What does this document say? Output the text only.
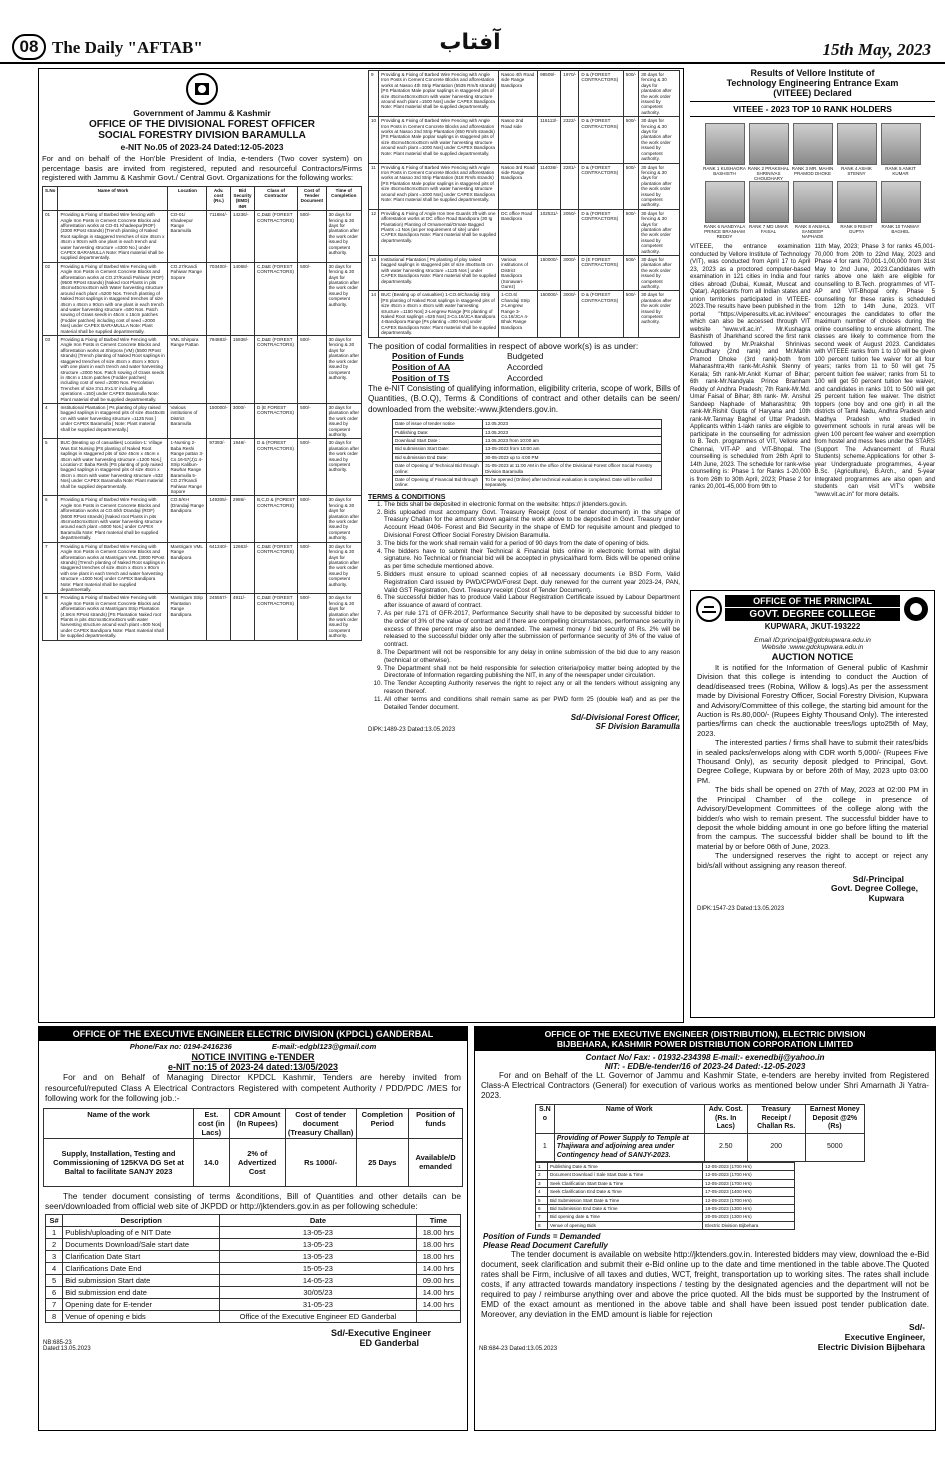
08 The Daily "AFTAB"	آفتاب	15th May, 2023
Government of Jammu & Kashmir
OFFICE OF THE DIVISIONAL FOREST OFFICER
SOCIAL FORESTRY DIVISION BARAMULLA
e-NIT No.05 of 2023-24 Dated:12-05-2023

For and on behalf of the Hon'ble President of India, e-tenders (Two cover system) on percentage basis are invited from registered, reputed and resourceful Contractors/Firms registered with Jammu & Kashmir Govt./ Central Govt. Organizations for the following works:

S.No	Name of Work	Location	Adv. cost (Rs.)	Bid Security (EMD) INR	Class of Contractor	Cost of Tender Document	Time of Completion
01	Providing & Fixing of Barbed Wire fencing with Angle Iron Posts in Cement Concrete Blocks and afforestation works at CO-01 Khadeepur(ROF) (3300 RPost strands) [Trench planting of Naked Root saplings in staggered trenches of size 45cm x 45cm x 90cm with one plant in each trench and water harvesting structure =4300 No.] under CAPEX BARAMULLA Note: Plant material shall be supplied departmentally.	CO-01/ Khadeepur Range Baramulla	711684/-	14236/-	C,D&E (FOREST CONTRACTORS)	500/-	30 days for fencing & 30 days for plantation after the work order issued by competent authority.
02	Providing & Fixing of Barbed Wire Fencing with Angle Iron Posts in Cement Concrete Blocks and afforestation works at CO.27/Kandi Pahiwar (ROF) (9500 RPost strands) [Naked root Plants in pits 45cmx45cmx45cm with Water harvesting structure around each plant =5200 Nos. Trench planting of Naked Root saplings in staggered trenches of size 45cm x 45cm x 90cm with one plant in each trench and water harvesting structure =500 Nos. Patch sowing of Grass seeds in 45cm x 15cm patches (Fodder patches) including cost of seed =2000 Nos] under CAPEX BARAMULLA Note: Plant material shall be supplied departmentally.	CO.27/Kandi Pahiwar Range Sopore	703400/-	14068/-	C,D&E (FOREST CONTRACTORS)	500/-	30 days for fencing & 30 days for plantation after the work order issued by competent authority.
03	Providing & Fixing of Barbed Wire Fencing with Angle Iron Posts in Cement Concrete Blocks and afforestation works at Shirpora (VM) (5500 RPost strands) [Trench planting of Naked Root saplings in staggered trenches of size 45cm x 45cm x 90cm with one plant in each trench and water harvesting structure =2000 Nos. Patch sowing of Grass seeds in 45cm x 15cm patches (Fodder patches) including cost of seed =2000 Nos. Percolation Trenches of size 3'x1.5'x1.5' including all operations =150] under CAPEX Baramulla Note: Plant material shall be supplied departmentally.	VML Shirpora Range Pattan	794883/-	15938/-	C,D&E (FOREST CONTRACTORS)	500/-	30 days for fencing & 30 days for plantation after the work order issued by competent authority.
4	Institutional Plantation [ Ps planting of ploy raised bagged saplings in staggered pits of size 45x45x45 cm with water harvesting structure =1125 Nos ] under CAPEX Baramulla [ Note: Plant material shall be supplied departmentally.]	Various institutions of District Baramulla	150000/-	3000/-	D (E FOREST CONTRACTORS)	500/-	30 days for plantation after the work order issued by competent authority.
5	BUC (Beating up of casualties) Location-1: Village Wus Ext Nursing [PS planting of Naked Root saplings in staggered pits of size 45cm x 45cm x 45cm with water harvesting structure =1200 Nos.] Location-2: Baba Reshi [PS planting of poly raised bagged saplings in staggered pits of size 45cm x 45cm x 45cm with water harvesting structure =532 Nos] under CAPEX Baramulla Note: Plant material shall be supplied departmentally.	1-Nursing 2-Baba Reshi Range pattan 3-Co.16-57(J)1 4-Strip Kalibun-Rawhar Range Baramulla 5-CO.27/Kandi Pahiwar Range Sopore	97393/-	1948/-	D & (FOREST CONTRACTORS)	500/-	30 days for plantation after the work order issued by competent authority.
6	Providing & Fixing of Barbed Wire Fencing with Angle Iron Posts in Cement Concrete Blocks and afforestation works at CO.6/kh Drandaji (ROF) (5600 RPost strands) [Naked root Plants in pits 45cmx45cmx45cm with water harvesting structure around each plant =5000 Nos.] under CAPEX Baramulla Note: Plant material shall be supplied departmentally.	CO.6/KH (Drandaji Range Bandipora	149305/-	2986/-	B,C,D & (FOREST CONTRACTORS)	500/-	30 days for fencing & 30 days for plantation after the work order issued by competent authority.
7	Providing & Fixing of Barbed Wire Fencing with Angle Iron Posts in Cement Concrete Blocks and afforestation works at Mantrigam VML (3000 RPost strands) [Trench planting of Naked Root saplings in staggered trenches of size 45cm x 45cm x 90cm with one plant in each trench and water harvesting structure =1000 Nos] under CAPEX Bandipora Note: Plant material shall be supplied departmentally.	Mantrigam VML Range Bandipora	641340/-	12663/-	C,D&E (FOREST CONTRACTORS)	500/-	30 days for fencing & 30 days for plantation after the work order issued by competent authority.
8	Providing & Fixing of Barbed Wire Fencing with Angle Iron Posts in Cement Concrete Blocks and afforestation works at Mantrigam Strip Plantation (4.5Km RPost strands) [PS Plantation Naked root Plants in pits 45cmx45cmx45cm with water harvesting structure around each plant =500 Nos] under CAPEX Bandipora Note: Plant material shall be supplied departmentally.	Mantrigam Strip Plantation Range Bandipora	245567/-	4911/-	C,D&E (FOREST CONTRACTORS)	500/-	30 days for fencing & 30 days for plantation after the work order issued by competent authority.
9	Providing & Fixing of Barbed Wire Fencing with Angle Iron Posts in Cement Concrete Blocks and afforestation works at Nasoo 4th Strip Plantation (5535 Rm/5 strands) [PS Plantation Male poplar saplings in staggered pits of size 45cmx45cmx45cm with water harvesting structure around each plant =1500 Nos] under CAPEX Bandipora Note: Plant material shall be supplied departmentally.	Nasoo 4th Road side Range Bandipora	98509/-	1970/-	D & (FOREST CONTRACTORS)	500/-	30 days for fencing & 30 days for plantation after the work order issued by competent authority.
10	Providing & Fixing of Barbed Wire Fencing with Angle Iron Posts in Cement Concrete Blocks and afforestation works at Nasoo 2nd Strip Plantation (650 Rm/5 strands) [PS Plantation Male poplar saplings in staggered pits of size 45cmx45cmx45cm with water harvesting structure around each plant =1000 Nos] under CAPEX Bandipora Note: Plant material shall be supplied departmentally.	Nasoo 2nd Road side	116113/-	2322/-	D & (FOREST CONTRACTORS)	500/-	30 days for fencing & 30 days for plantation after the work order issued by competent authority.
11	Providing & Fixing of Barbed Wire Fencing with Angle Iron Posts in Cement Concrete Blocks and afforestation works at Nasoo 3rd Strip Plantation (618 Rm/5 strands) [PS Plantation Male poplar saplings in staggered pits of size 45cmx45cmx45cm with water harvesting structure around each plant =1000 Nos] under CAPEX Bandipora Note: Plant material shall be supplied departmentally.	Nasoo 3rd Road side Range Bandipora	114036/-	2281/-	D & (FOREST CONTRACTORS)	500/-	30 days for fencing & 30 days for plantation after the work order issued by competent authority.
12	Providing & Fixing of Angle Iron tree Guards 3ft with one afforestation works at DC office Road Bandipora (30 Ig Plantation) Planting of Ornamental/Ornate Bagged Plants =1 Nos (as per requirement of site) under CAPEX Bandipora Note: Plant material shall be supplied departmentally.	DC office Road Bandipora	102531/-	2050/-	D & (FOREST CONTRACTORS)	500/-	30 days for fencing & 30 days for plantation after the work order issued by competent authority.
13	Institutional Plantation [ Ps planting of ploy raised bagged saplings in staggered pits of size 45x45x45 cm with water harvesting structure =1125 Nos ] under CAPEX Bandipora Note: Plant material shall be supplied departmentally.	Various institutions of District Bandipora (Sonawari-Gurez)	150000/-	3000/-	D (E FOREST CONTRACTORS)	500/-	30 days for plantation after the work order issued by competent authority.
14	BUC (Beating up of casualties) 1-CO.6/Chandaji Strip [PS planting of Naked Root saplings in staggered pits of size 45cm x 45cm x 45cm with water harvesting structure =1150 Nos] 2-Lengrew Range [PS planting of Naked Root saplings =525 Nos] 3-Co.16/JCA Bandipora 4-Bandipora Range [Ps planting =300 Nos] under CAPEX Bandipora Note: Plant material shall be supplied departmentally.	1-CO.6/ Chandaji Strip 2-Lengrew Range 3-Co.16/JCA 4-Bhuk Range Bandipora	150000/-	3000/-	D & (FOREST CONTRACTORS)	500/-	30 days for plantation after the work order issued by competent authority.

The position of codal formalities in respect of above work(s) is as under:

Position of Funds	Budgeted
Position of AA	Accorded
Position of TS	Accorded

The e-NIT Consisting of qualifying information, eligibility criteria, scope of work, Bills of Quantities, (B.O.Q), Terms & Conditions of contract and other details can be seen/ downloaded from the website:-www.jktenders.gov.in.

Date of issue of tender notice	12.05.2023
Publishing Date:	13.05.2023
Download Start Date :	13.05.2023 from 10:00 am
Bid submission Start Date:	13-05-2023 from 10:00 am
Bid submission End Date:	30-05-2023 up to 4:00 PM
Date of Opening of Technical Bid through online:	31-05-2023 at 11:00 AM in the office of the Divisional Forest officer Social Forestry Division Baramulla
Date of Opening of Financial Bid through online:	To be opened (Online) after technical evaluation is completed. Date will be notified separately.
TERMS & CONDITIONS
1. The bids shall be deposited in electronic format on the website: https:// jktenders.gov.in.
2. Bids uploaded must accompany Govt. Treasury Receipt (cost of tender document) in the shape of Treasury Challan for the amount shown against the work above to be deposited in Govt. Treasury under Account Head 0406- Forest and Bid Security in the shape of EMD for requisite amount and pledged to Divisional Forest Officer Social Forestry Division Baramulla.
3. The bids for the work shall remain valid for a period of 90 days from the date of opening of bids.
4. The bidders have to submit their Technical & Financial bids online in electronic format with digital signature. No Technical or financial bid will be accepted in physical/hard form. Bids will be opened online as per time schedule mentioned above.
5. Bidders must ensure to upload scanned copies of all necessary documents i.e BSD Form, Valid Registration Card issued by PWD/CPWD/Forest Dept. duly renewed for the current year 2023-24, PAN, Valid GST Registration, Govt. Treasury receipt (Cost of Tender Document).
6. The successful bidder has to produce Valid Labour Registration Certificate issued by Labour Department after issuance of award of contract.
7. As per rule 171 of GFR-2017, Performance Security shall have to be deposited by successful bidder to the order of 3% of the value of contract and if there are compelling circumstances, performance security in excess of three percent may also be demanded. The earnest money / bid security of Rs. 2% will be released to the successful bidder only after the submission of performance security of 3% of the value of contract.
8. The Department will not be responsible for any delay in online submission of the bid due to any reason (technical or otherwise).
9. The Department shall not be held responsible for selection criteria/policy matter being adopted by the Directorate of Information regarding publishing the NIT, in any of the newspaper under circulation.
10. The Tender Accepting Authority reserves the right to reject any or all the tenders without assigning any reason thereof.
11. All other terms and conditions shall remain same as per PWD form 25 (double leaf) and as per the Detailed Tender document.
Sd/-Divisional Forest Officer,
SF Division Baramulla
DIPK:1489-23 Dated:13.05.2023
Results of Vellore Institute of
Technology Engineering Entrance Exam
(VITEEE) Declared
VITEEE - 2023 TOP 10 RANK HOLDERS
RANK 1 KUSHAGRA BASHISTH
RANK 2 PRAKSHAL SHRINIVAS CHOUDHARY
RANK 3 MR. MAHIN PRAMOD DHOKE
RANK 4 ASHIK STENNY
RANK 5 ANKIT KUMAR

RANK 6 NANDYALA PRINCE BRANHAM REDDY
RANK 7 MD UMAR FAISAL
RANK 8 ANSHUL SANDEEP NAPHADE
RANK 9 RISHIT GUPTA
RANK 10 TANMAY BAGHEL

VITEEE, the entrance examination conducted by Vellore Institute of Technology (VIT), was conducted from April 17 to April 23, 2023 as a proctored computer-based examination in 121 cities in India and four cities abroad (Dubai, Kuwait, Muscat and Qatar). Applicants from all Indian states and union territories participated in VITEEE-2023.The results have been published in the portal "https://viperesults.vit.ac.in/viteee" which can also be accessed through VIT website "www.vit.ac.in". Mr.Kushagra Bashisth of Jharkhand scored the first rank followed by Mr.Prakshal Shrinivas Choudhary (2nd rank) and Mr.Mahin Pramod Dhoke (3rd rank)-both from Maharashtra;4th rank-Mr.Ashik Stenny of Kerala; 5th rank-Mr.Ankit Kumar of Bihar; 6th rank-Mr.Nandyala Prince Branham Reddy of Andhra Pradesh; 7th Rank-Mr.Md. Umar Faisal of Bihar; 8th rank- Mr. Anshul Sandeep Naphade of Maharashtra; 9th rank-Mr.Rishit Gupta of Haryana and 10th rank-Mr.Tanmay Baghel of Uttar Pradesh. Applicants within 1-lakh ranks are eligible to participate in the counselling for admission to B. Tech. programmes of VIT, Vellore and Chennai, VIT-AP and VIT-Bhopal. The counselling is scheduled from 26th April to 14th June, 2023. The schedule for rank-wise counselling is: Phase 1 for Ranks 1-20,000 is from 26th to 30th April, 2023; Phase 2 for ranks 20,001-45,000 from 9th to

11th May, 2023; Phase 3 for ranks 45,001-70,000 from 20th to 22nd May, 2023 and Phase 4 for rank 70,001-1,00,000 from 31st May to 2nd June, 2023.Candidates with ranks above one lakh are eligible for counselling to B.Tech. programmes of VIT-AP and VIT-Bhopal only. Phase 5 counselling for these ranks is scheduled from 12th to 14th June, 2023. VIT encourages the candidates to offer the maximum number of choices during the online counselling to ensure allotment. The classes are likely to commence from the second week of August 2023. Candidates with VITEEE ranks from 1 to 10 will be given 100 percent tuition fee waiver for all four years; ranks from 11 to 50 will get 75 percent tuition fee waiver; ranks from 51 to 100 will get 50 percent tuition fee waiver, and candidates in ranks 101 to 500 will get 25 percent tuition fee waiver. The district toppers (one boy and one girl) in all the districts of Tamil Nadu, Andhra Pradesh and Madhya Pradesh who studied in government schools in rural areas will be given 100 percent fee waiver and exemption from hostel and mess fees under the STARS (Support The Advancement of Rural Students) scheme.Applications for other 3-year Undergraduate programmes, 4-year B.Sc. (Agriculture), B.Arch., and 5-year Integrated programmes are also open and students can visit VIT's website "www.vit.ac.in" for more details.

OFFICE OF THE PRINCIPAL
GOVT. DEGREE COLLEGE
KUPWARA, JKUT-193222
Email ID:principal@gdckupwara.edu.in
Website :www.gdckupwara.edu.in
AUCTION NOTICE

It is notified for the Information of General public of Kashmir Division that this college is intending to conduct the Auction of dead/diseased trees (Robina, Willow & logs).As per the assessment made by Divisional Forestry Officer, Social Forestry Division, Kupwara and Advisory/Committee of this college, the starting bid amount for the Auction is Rs.80,000/- (Rupees Eighty Thousand Only). The interested parties/firms can check the auctionable trees/logs upto25th of May, 2023.

The interested parties / firms shall have to submit their rates/bids in sealed packs/envelops along with CDR worth 5,000/- (Rupees Five Thousand Only), as security deposit pledged to Principal, Govt. Degree College, Kupwara by or before 26th of May, 2023 upto 03:00 PM.

The bids shall be opened on 27th of May, 2023 at 02:00 PM in the Principal Chamber of the college in presence of Advisory/Development Committees of the college along with the bidder/s who wish to remain present. The successful bidder have to deposit the whole bidding amount in one go before lifting the material from the campus. The successful bidder shall be bound to lift the material by or before 06th of June, 2023.

The undersigned reserves the right to accept or reject any bid/s/all without assigning any reason thereof.

Sd/-Principal
Govt. Degree College,
Kupwara
DIPK:1547-23 Dated:13.05.2023
OFFICE OF THE EXECUTIVE ENGINEER ELECTRIC DIVISION (KPDCL) GANDERBAL
Phone/Fax no: 0194-2416236	E-mail:-edgbl123@gmail.com
NOTICE INVITING e-TENDER
e-NIT no:15 of 2023-24 dated:13/05/2023

For and on Behalf of Managing Director KPDCL Kashmir, Tenders are hereby invited from resourceful/reputed Class A Electrical Contractors Registered with competent Authority / PDD/PDC /MES for following work for the following job.:-

Name of the work	Est. cost (in Lacs)	CDR Amount (In Rupees)	Cost of tender document (Treasury Challan)	Completion Period	Position of funds
Supply, Installation, Testing and Commissioning of 125KVA DG Set at Baltal to facilitate SANJY 2023	14.0	2% of Advertized Cost	Rs 1000/-	25 Days	Available/D emanded

The tender document consisting of terms &conditions, Bill of Quantities and other details can be seen/downloaded from official web site of JKPDD or http://jktenders.gov.in as per following schedule:

S#	Description	Date	Time
1	Publish/uploading of e NIT Date	13-05-23	18.00 hrs
2	Documents Download/Sale start date	13-05-23	18.00 hrs
3	Clarification Date Start	13-05-23	18.00 hrs
4	Clarifications Date End	15-05-23	14.00 hrs
5	Bid submission Start date	14-05-23	09.00 hrs
6	Bid submission end date	30/05/23	14.00 hrs
7	Opening date for E-tender	31-05-23	14.00 hrs
8	Venue of opening e bids	Office of the Executive Engineer ED Ganderbal	
Sd/-Executive Engineer
ED Ganderbal
NB:685-23
Dated:13.05.2023
OFFICE OF THE EXECUTIVE ENGINEER (DISTRIBUTION), ELECTRIC DIVISION
BIJBEHARA, KASHMIR POWER DISTRIBUTION CORPORATION LIMITED
Contact No/ Fax: - 01932-234398 E-mail:- exenedbij@yahoo.in
NIT: - EDB/e-tender/16 of 2023-24 Dated:-12-05-2023

For and on Behalf of the Lt. Governor of Jammu and Kashmir State, e-tenders are hereby invited from Registered Class-A Electrical Contractors (General) for execution of various works as mentioned below under Shri Amarnath Ji Yatra-2023.

S.N o	Name of Work	Adv. Cost. (Rs. In Lacs)	Treasury Receipt / Challan Rs.	Earnest Money Deposit @2% (Rs)
1	Providing of Power Supply to Temple at Thajiwara and adjoining area under Contingency head of SANJY-2023.	2.50	200	5000
1	Publishing Date & Time	12-05-2023 (1700 Hrs)
2	Document Download / Sale Start Date & Time	12-05-2023 (1700 Hrs)
3	Seek Clarification Start Date & Time	12-05-2023 (1700 Hrs)
4	Seek Clarification End Date & Time	17-05-2023 (1400 Hrs)
5	Bid Submission Start Date & Time	12-05-2023 (1700 Hrs)
6	Bid Submission End Date & Time	19-05-2023 (1300 Hrs)
7	Bid opening date & Time	20-05-2023 (1300 Hrs)
8	Venue of opening Bids	Electric Division Bijbehara
Position of Funds = Demanded
Please Read Document Carefully

The tender document is available on website http://jktenders.gov.in. Interested bidders may view, download the e-Bid document, seek clarification and submit their e-Bid online up to the date and time mentioned in the table above.The Quoted rates shall be Firm, inclusive of all taxes and duties, WCT, freight, transportation up to working sites. The rates shall include costs, if any attracted towards mandatory inspections / testing by the designated agencies and the department will not be required to pay / reimburse anything over and above the price quoted. All the bids must be supported by the Instrument of EMD of the exact amount as mentioned in the above table and shall have been issued post tender publication date. Moreover, any deviation in the EMD amount is liable for rejection

Sd/-
Executive Engineer,
Electric Division Bijbehara
NB:684-23 Dated:13.05.2023
